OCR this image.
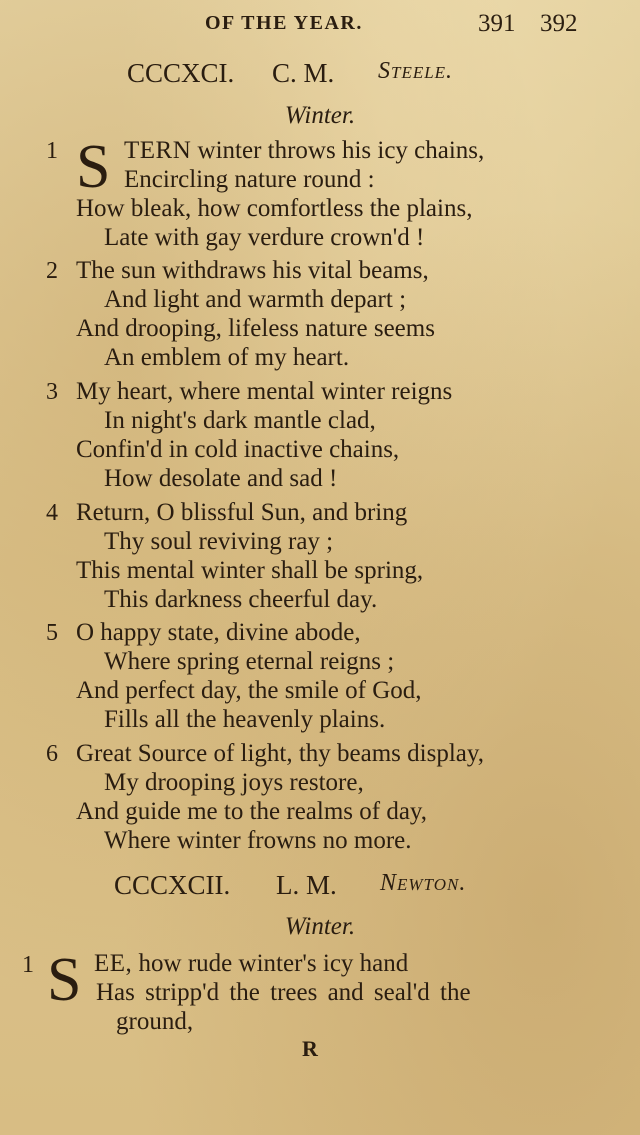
OF THE YEAR.	391 392
CCCXCI. C. M. Steele.
Winter.
1 S TERN winter throws his icy chains,
Encircling nature round :
How bleak, how comfortless the plains,
Late with gay verdure crown'd !
2 The sun withdraws his vital beams,
And light and warmth depart ;
And drooping, lifeless nature seems
An emblem of my heart.
3 My heart, where mental winter reigns
In night's dark mantle clad,
Confin'd in cold inactive chains,
How desolate and sad !
4 Return, O blissful Sun, and bring
Thy soul reviving ray ;
This mental winter shall be spring,
This darkness cheerful day.
5 O happy state, divine abode,
Where spring eternal reigns ;
And perfect day, the smile of God,
Fills all the heavenly plains.
6 Great Source of light, thy beams display,
My drooping joys restore,
And guide me to the realms of day,
Where winter frowns no more.
CCCXCII. L. M. Newton.
Winter.
1 S EE, how rude winter's icy hand
Has stripp'd the trees and seal'd the
ground,
R
